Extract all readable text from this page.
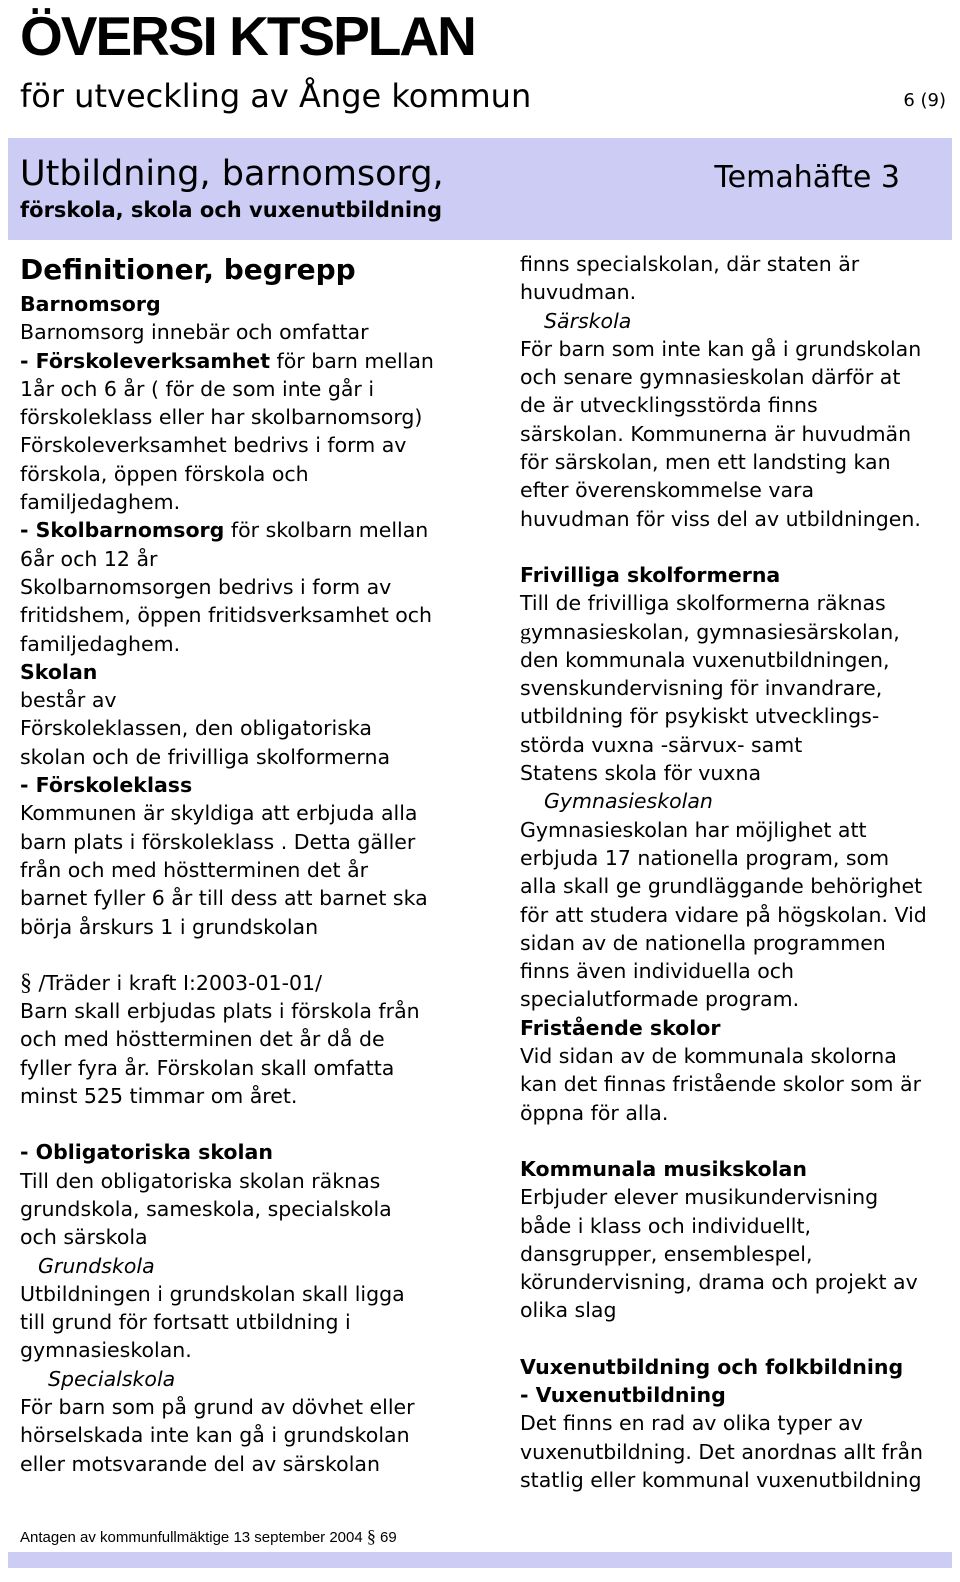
ÖVERSI KTSPLAN

för utveckling av Ånge kommun	6 (9)
Utbildning, barnomsorg,
förskola, skola och vuxenutbildning
Temahäfte 3
Definitioner, begrepp
Barnomsorg
Barnomsorg innebär och omfattar
- Förskoleverksamhet för barn mellan
1år och 6 år ( för de som inte går i
förskoleklass eller har skolbarnomsorg)
Förskoleverksamhet bedrivs i form av
förskola, öppen förskola och
familjedaghem.
- Skolbarnomsorg för skolbarn mellan
6år och 12 år
Skolbarnomsorgen bedrivs i form av
fritidshem, öppen fritidsverksamhet och
familjedaghem.
Skolan
består av
Förskoleklassen, den obligatoriska
skolan och de frivilliga skolformerna
- Förskoleklass
Kommunen är skyldiga att erbjuda alla
barn plats i förskoleklass . Detta gäller
från och med höstterminen det år
barnet fyller 6 år till dess att barnet ska
börja årskurs 1 i grundskolan
§ /Träder i kraft I:2003-01-01/
Barn skall erbjudas plats i förskola från
och med höstterminen det år då de
fyller fyra år. Förskolan skall omfatta
minst 525 timmar om året.
- Obligatoriska skolan
Till den obligatoriska skolan räknas
grundskola, sameskola, specialskola
och särskola
Grundskola
Utbildningen i grundskolan skall ligga
till grund för fortsatt utbildning i
gymnasieskolan.
Specialskola
För barn som på grund av dövhet eller
hörselskada inte kan gå i grundskolan
eller motsvarande del av särskolan
finns specialskolan, där staten är
huvudman.
Särskola
För barn som inte kan gå i grundskolan
och senare gymnasieskolan därför at
de är utvecklingsstörda finns
särskolan. Kommunerna är huvudmän
för särskolan, men ett landsting kan
efter överenskommelse vara
huvudman för viss del av utbildningen.
Frivilliga skolformerna
Till de frivilliga skolformerna räknas
gymnasieskolan, gymnasiesärskolan,
den kommunala vuxenutbildningen,
svenskundervisning för invandrare,
utbildning för psykiskt utvecklings-
störda vuxna -särvux- samt
Statens skola för vuxna
Gymnasieskolan
Gymnasieskolan har möjlighet att
erbjuda 17 nationella program, som
alla skall ge grundläggande behörighet
för att studera vidare på högskolan. Vid
sidan av de nationella programmen
finns även individuella och
specialutformade program.
Fristående skolor
Vid sidan av de kommunala skolorna
kan det finnas fristående skolor som är
öppna för alla.
Kommunala musikskolan
Erbjuder elever musikundervisning
både i klass och individuellt,
dansgrupper, ensemblespel,
körundervisning, drama och projekt av
olika slag
Vuxenutbildning och folkbildning
- Vuxenutbildning
Det finns en rad av olika typer av
vuxenutbildning. Det anordnas allt från
statlig eller kommunal vuxenutbildning
Antagen av kommunfullmäktige 13 september 2004 § 69
